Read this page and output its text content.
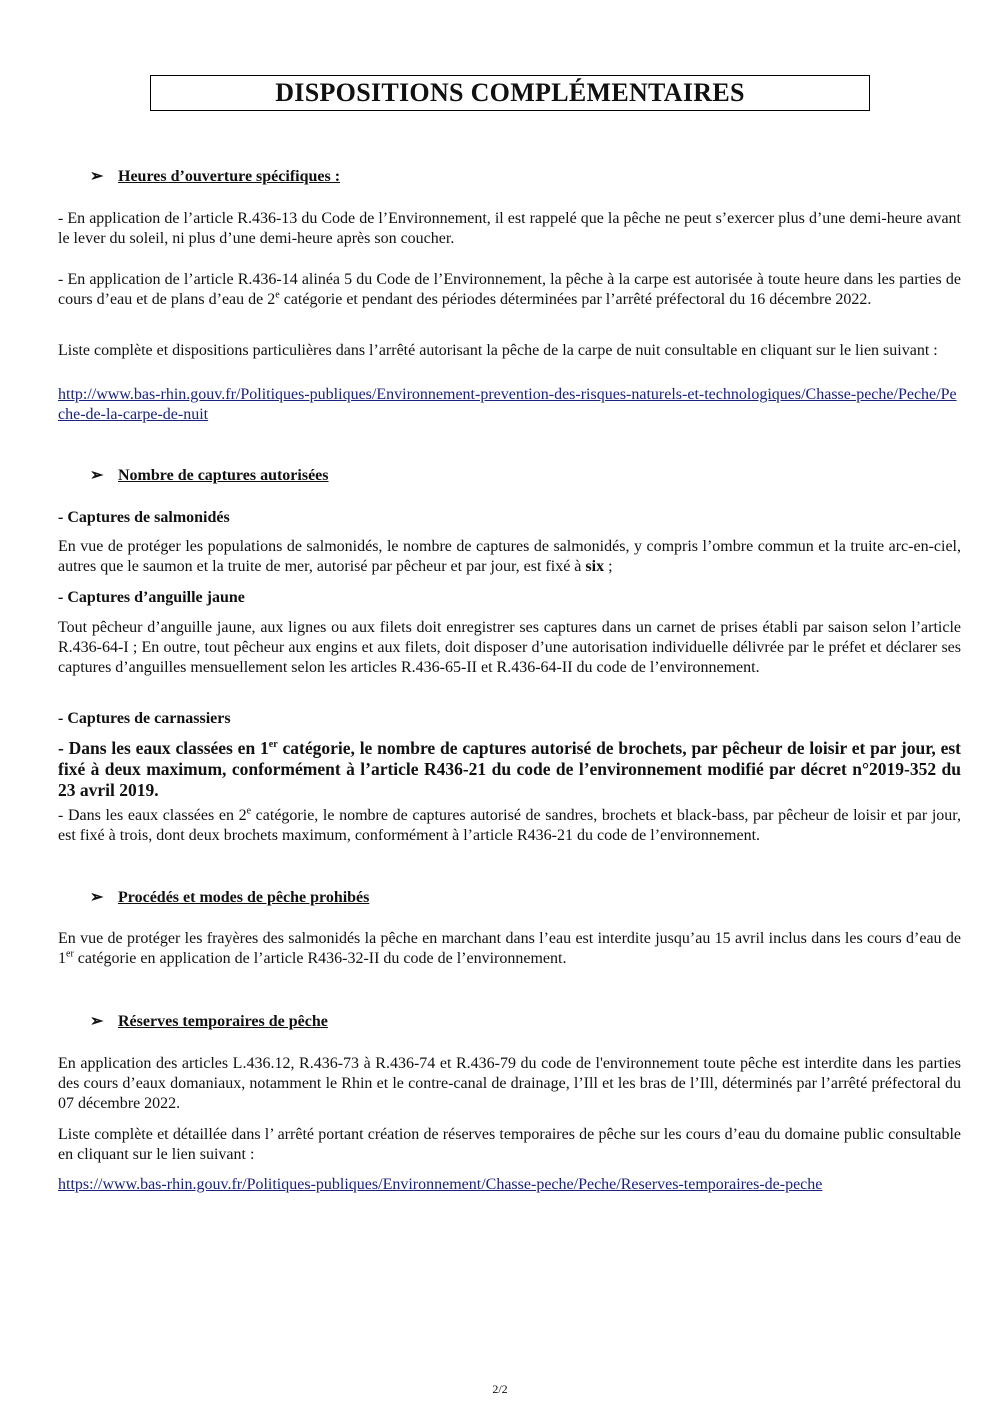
DISPOSITIONS COMPLÉMENTAIRES
➢ Heures d’ouverture spécifiques :
- En application de l’article R.436-13 du Code de l’Environnement, il est rappelé que la pêche ne peut s’exercer plus d’une demi-heure avant le lever du soleil, ni plus d’une demi-heure après son coucher.
- En application de l’article R.436-14 alinéa 5 du Code de l’Environnement, la pêche à la carpe est autorisée à toute heure dans les parties de cours d’eau et de plans d’eau de 2e catégorie et pendant des périodes déterminées par l’arrêté préfectoral du 16 décembre 2022.
Liste complète et dispositions particulières dans l’arrêté autorisant la pêche de la carpe de nuit consultable en cliquant sur le lien suivant :
http://www.bas-rhin.gouv.fr/Politiques-publiques/Environnement-prevention-des-risques-naturels-et-technologiques/Chasse-peche/Peche/Peche-de-la-carpe-de-nuit
➢ Nombre de captures autorisées
- Captures de salmonidés
En vue de protéger les populations de salmonidés, le nombre de captures de salmonidés, y compris l’ombre commun et la truite arc-en-ciel, autres que le saumon et la truite de mer, autorisé par pêcheur et par jour, est fixé à six ;
- Captures d’anguille jaune
Tout pêcheur d’anguille jaune, aux lignes ou aux filets doit enregistrer ses captures dans un carnet de prises établi par saison selon l’article R.436-64-I ; En outre, tout pêcheur aux engins et aux filets, doit disposer d’une autorisation individuelle délivrée par le préfet et déclarer ses captures d’anguilles mensuellement selon les articles R.436-65-II et R.436-64-II du code de l’environnement.
- Captures de carnassiers
- Dans les eaux classées en 1er catégorie, le nombre de captures autorisé de brochets, par pêcheur de loisir et par jour, est fixé à deux maximum, conformément à l’article R436-21 du code de l’environnement modifié par décret n°2019-352 du 23 avril 2019.
- Dans les eaux classées en 2e catégorie, le nombre de captures autorisé de sandres, brochets et black-bass, par pêcheur de loisir et par jour, est fixé à trois, dont deux brochets maximum, conformément à l’article R436-21 du code de l’environnement.
➢ Procédés et modes de pêche prohibés
En vue de protéger les frayères des salmonidés la pêche en marchant dans l’eau est interdite jusqu’au 15 avril inclus dans les cours d’eau de 1er catégorie en application de l’article R436-32-II du code de l’environnement.
➢ Réserves temporaires de pêche
En application des articles L.436.12, R.436-73 à R.436-74 et R.436-79 du code de l'environnement toute pêche est interdite dans les parties des cours d’eaux domaniaux, notamment le Rhin et le contre-canal de drainage, l’Ill et les bras de l’Ill, déterminés par l’arrêté préfectoral du 07 décembre 2022.
Liste complète et détaillée dans l’ arrêté portant création de réserves temporaires de pêche sur les cours d’eau du domaine public consultable en cliquant sur le lien suivant :
https://www.bas-rhin.gouv.fr/Politiques-publiques/Environnement/Chasse-peche/Peche/Reserves-temporaires-de-peche
2/2
